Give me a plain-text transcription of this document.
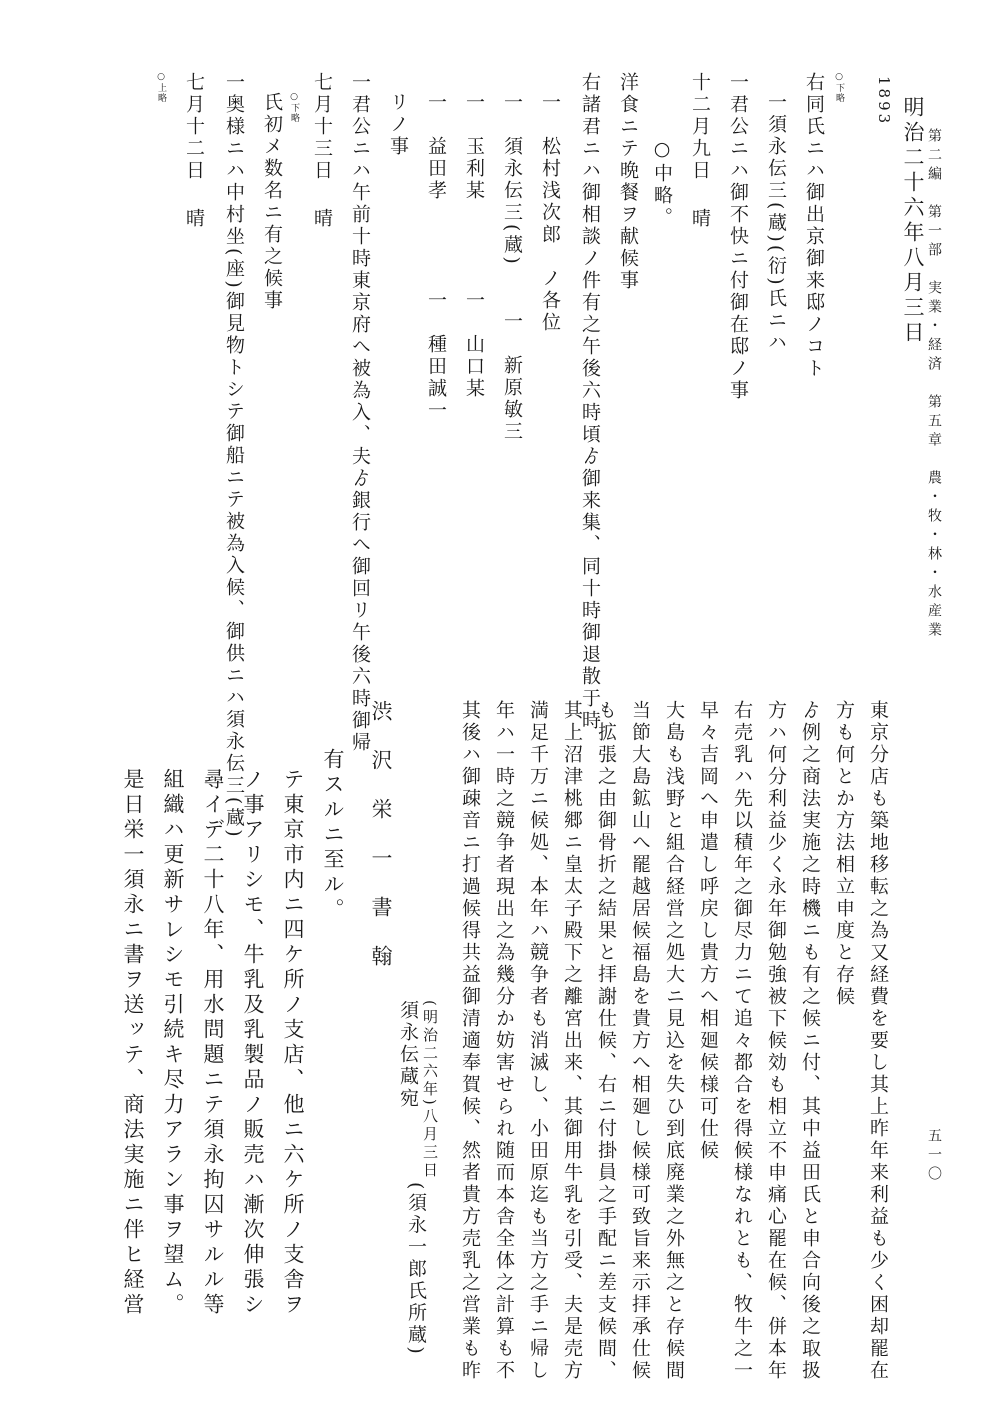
第二編　第一部　実業・経済　第五章　農・牧・林・水産業
五一〇
○上略 七月十二日晴 一奥様ニハ中村坐(座)御見物トシテ御船ニテ被為入候、御供ニハ須永伝三(蔵) 氏初メ数名ニ有之候事 ○下略 七月十三日晴 一君公ニハ午前十時東京府へ被為入、夫ゟ銀行へ御回リ午後六時御帰 リノ事 一　益田孝　　　　一　種田誠一 一　玉利某　　　　一　山口某 一　須永伝三(蔵)　　一　新原敏三 一　松村浅次郎　ノ各位 右諸君ニハ御相談ノ件有之午後六時頃ゟ御来集、同十時御退散于時 洋食ニテ晩餐ヲ献候事 ○中略。
十二月九日晴 一君公ニハ御不快ニ付御在邸ノ事 一須永伝三(蔵)(衍)氏ニハ 右同氏ニハ御出京御来邸ノコト ○下略 1893 明治二十六年八月三日
是日栄一須永ニ書ヲ送ッテ、商法実施ニ伴ヒ経営 組織ハ更新サレシモ引続キ尽力アラン事ヲ望ム。 尋イデ二十八年、用水問題ニテ須永拘囚サルル等 ノ事アリシモ、牛乳及乳製品ノ販売ハ漸次伸張シ テ東京市内ニ四ケ所ノ支店、他ニ六ケ所ノ支舎ヲ 有スルニ至ル。 渋沢栄一書翰
須永伝蔵宛 (明治二六年)八月三日
(須永一郎氏所蔵) 其後ハ御疎音ニ打過候得共益御清適奉賀候、然者貴方売乳之営業も昨 年ハ一時之競争者現出之為幾分か妨害せられ随而本舎全体之計算も不 満足千万ニ候処、本年ハ競争者も消滅し、小田原迄も当方之手ニ帰し 其上沼津桃郷ニ皇太子殿下之離宮出来、其御用牛乳を引受、夫是売方 も拡張之由御骨折之結果と拝謝仕候、右ニ付掛員之手配ニ差支候間、 当節大島鉱山へ罷越居候福島を貴方へ相廻し候様可致旨来示拝承仕候 大島も浅野と組合経営之処大ニ見込を失ひ到底廃業之外無之と存候間 早々吉岡へ申遣し呼戻し貴方へ相廻候様可仕候 右売乳ハ先以積年之御尽力ニて追々都合を得候様なれとも、牧牛之一 方ハ何分利益少く永年御勉強被下候効も相立不申痛心罷在候、併本年 ゟ例之商法実施之時機ニも有之候ニ付、其中益田氏と申合向後之取扱 方も何とか方法相立申度と存候 東京分店も築地移転之為又経費を要し其上昨年来利益も少く困却罷在
